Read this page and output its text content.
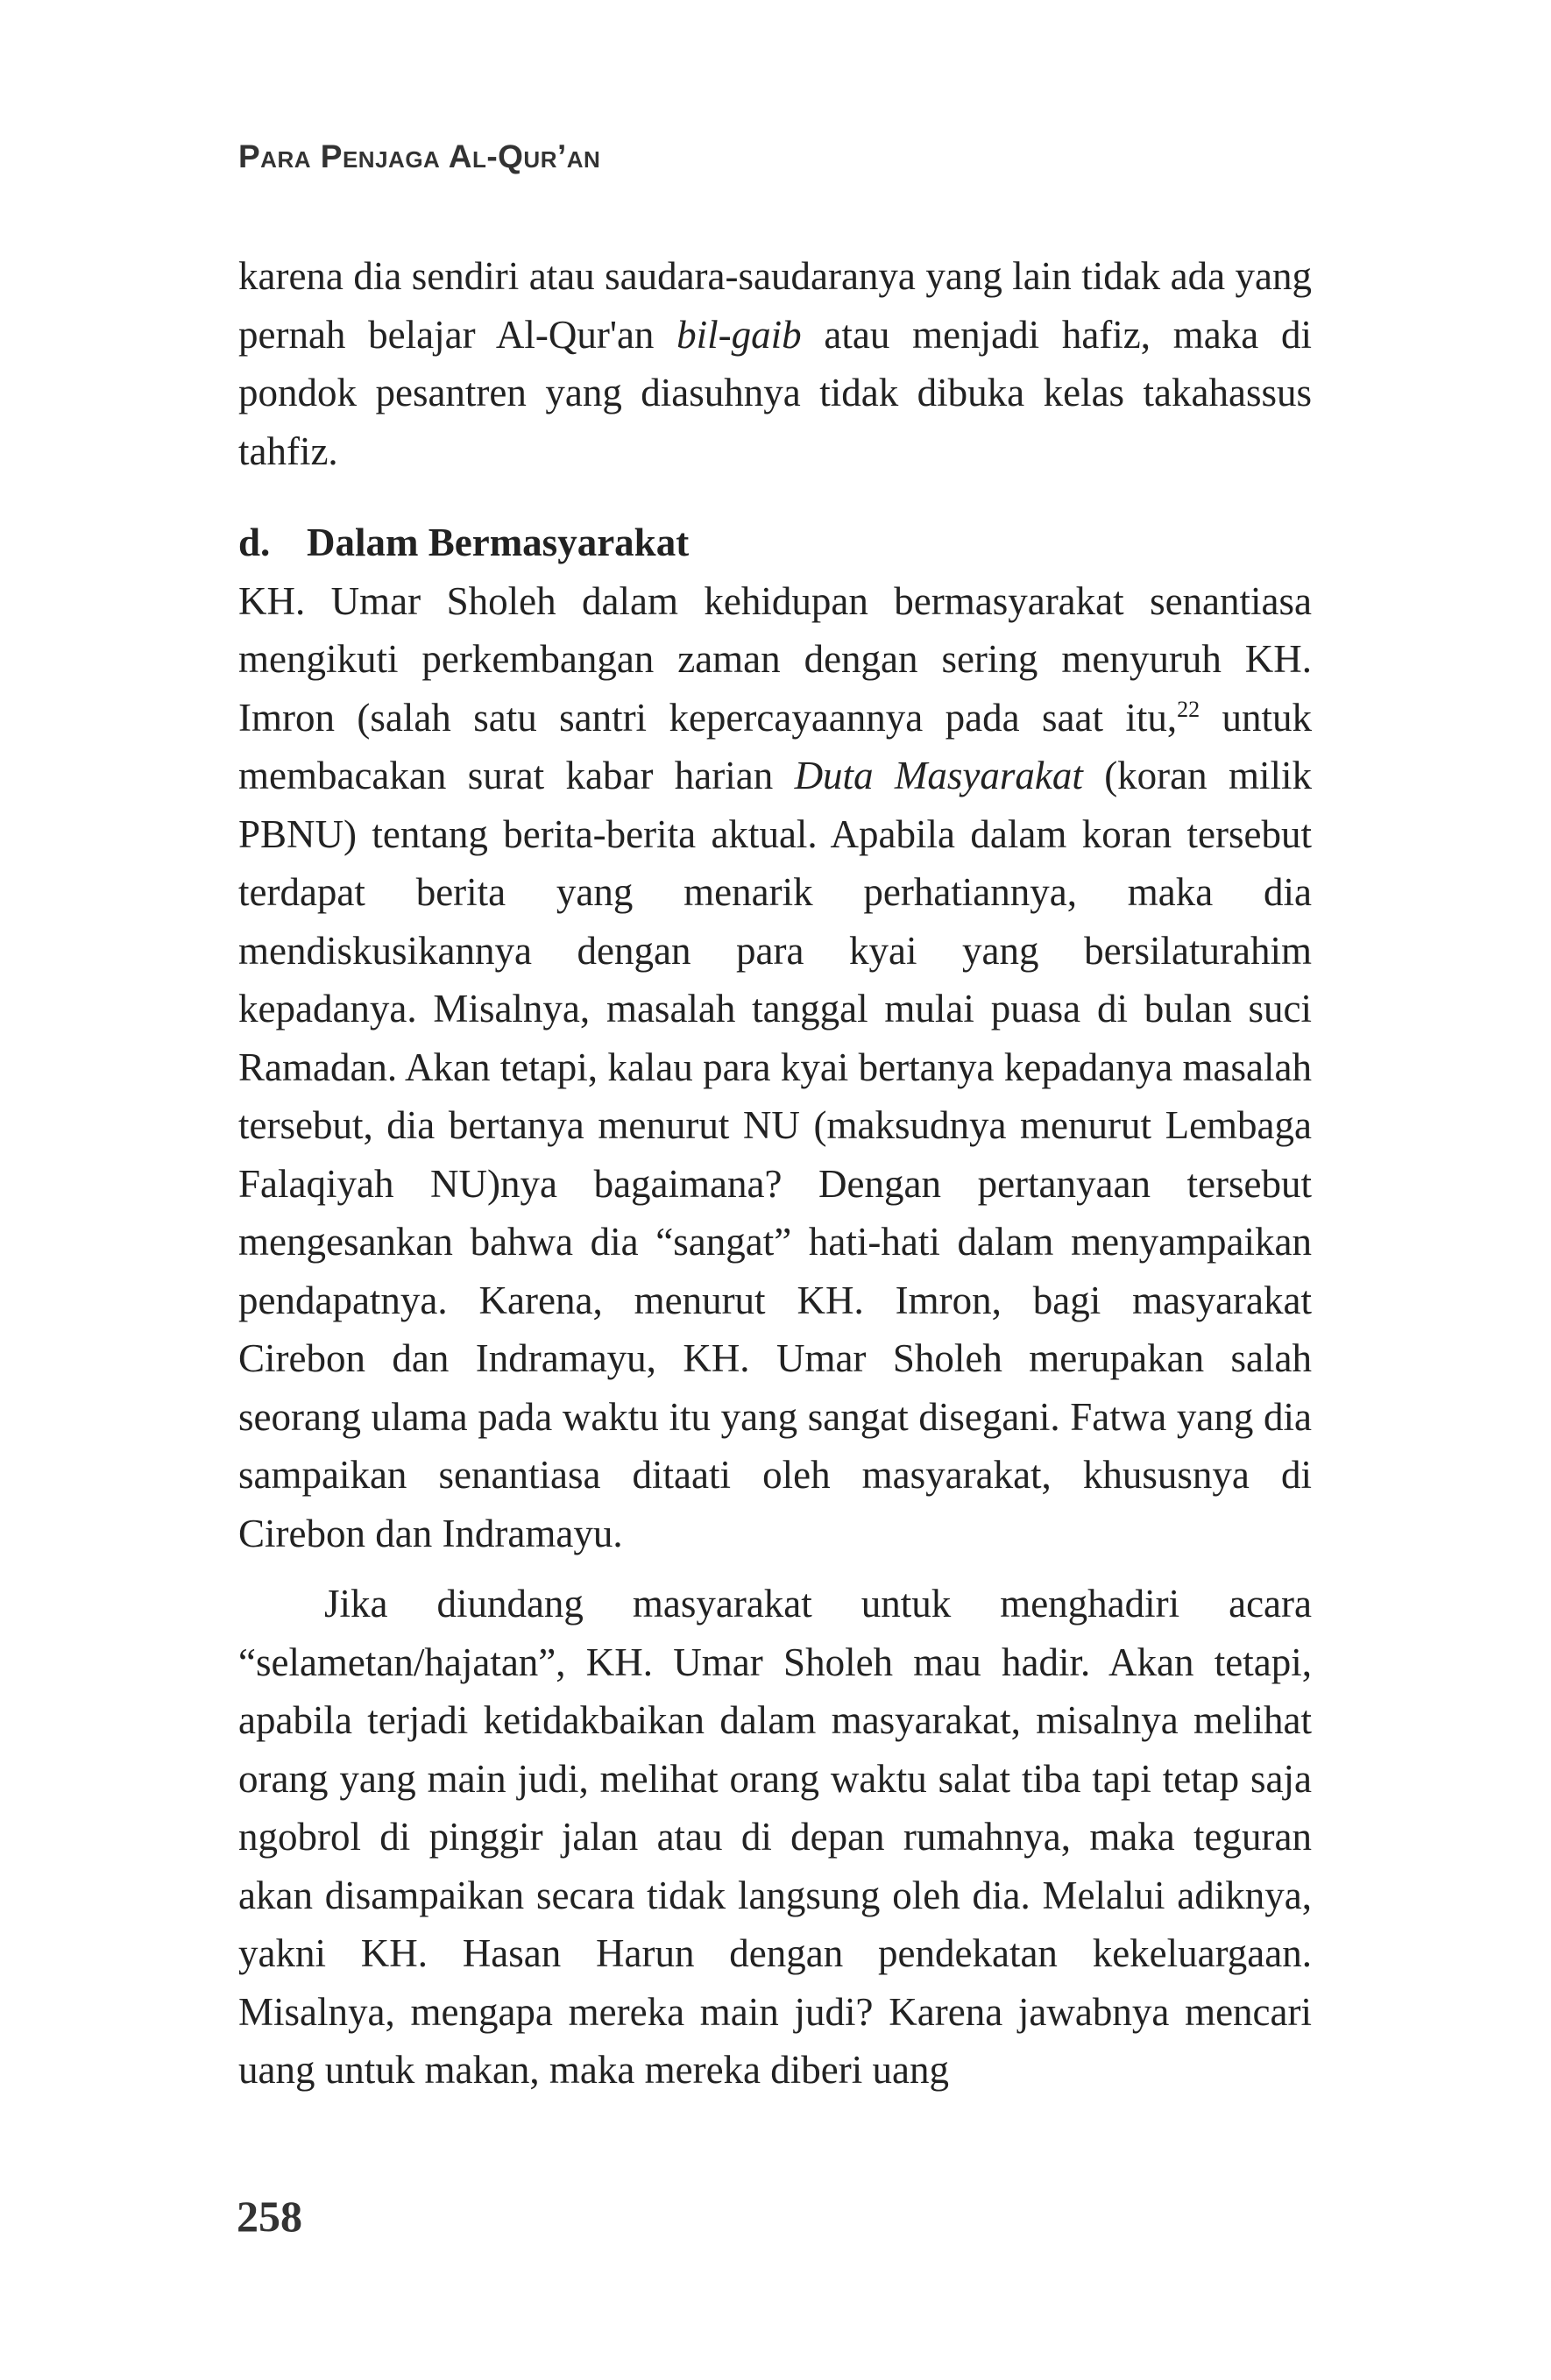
Para Penjaga Al-Qur’an

karena dia sendiri atau saudara-saudaranya yang lain tidak ada yang pernah belajar Al-Qur'an bil-gaib atau menjadi hafiz, maka di pondok pesantren yang diasuhnya tidak dibuka kelas takahassus tahfiz.

d. Dalam Bermasyarakat

KH. Umar Sholeh dalam kehidupan bermasyarakat senantiasa mengikuti perkembangan zaman dengan sering menyuruh KH. Imron (salah satu santri kepercayaannya pada saat itu,$^{22}$ untuk membacakan surat kabar harian Duta Masyarakat (koran milik PBNU) tentang berita-berita aktual. Apabila dalam koran tersebut terdapat berita yang menarik perhatiannya, maka dia mendiskusikannya dengan para kyai yang bersilaturahim kepadanya. Misalnya, masalah tanggal mulai puasa di bulan suci Ramadan. Akan tetapi, kalau para kyai bertanya kepadanya masalah tersebut, dia bertanya menurut NU (maksudnya menurut Lembaga Falaqiyah NU)nya bagaimana? Dengan pertanyaan tersebut mengesankan bahwa dia “sangat” hati-hati dalam menyampaikan pendapatnya. Karena, menurut KH. Imron, bagi masyarakat Cirebon dan Indramayu, KH. Umar Sholeh merupakan salah seorang ulama pada waktu itu yang sangat disegani. Fatwa yang dia sampaikan senantiasa ditaati oleh masyarakat, khususnya di Cirebon dan Indramayu.

Jika diundang masyarakat untuk menghadiri acara “selametan/hajatan”, KH. Umar Sholeh mau hadir. Akan tetapi, apabila terjadi ketidakbaikan dalam masyarakat, misalnya melihat orang yang main judi, melihat orang waktu salat tiba tapi tetap saja ngobrol di pinggir jalan atau di depan rumahnya, maka teguran akan disampaikan secara tidak langsung oleh dia. Melalui adiknya, yakni KH. Hasan Harun dengan pendekatan kekeluargaan. Misalnya, mengapa mereka main judi? Karena jawabnya mencari uang untuk makan, maka mereka diberi uang

258
